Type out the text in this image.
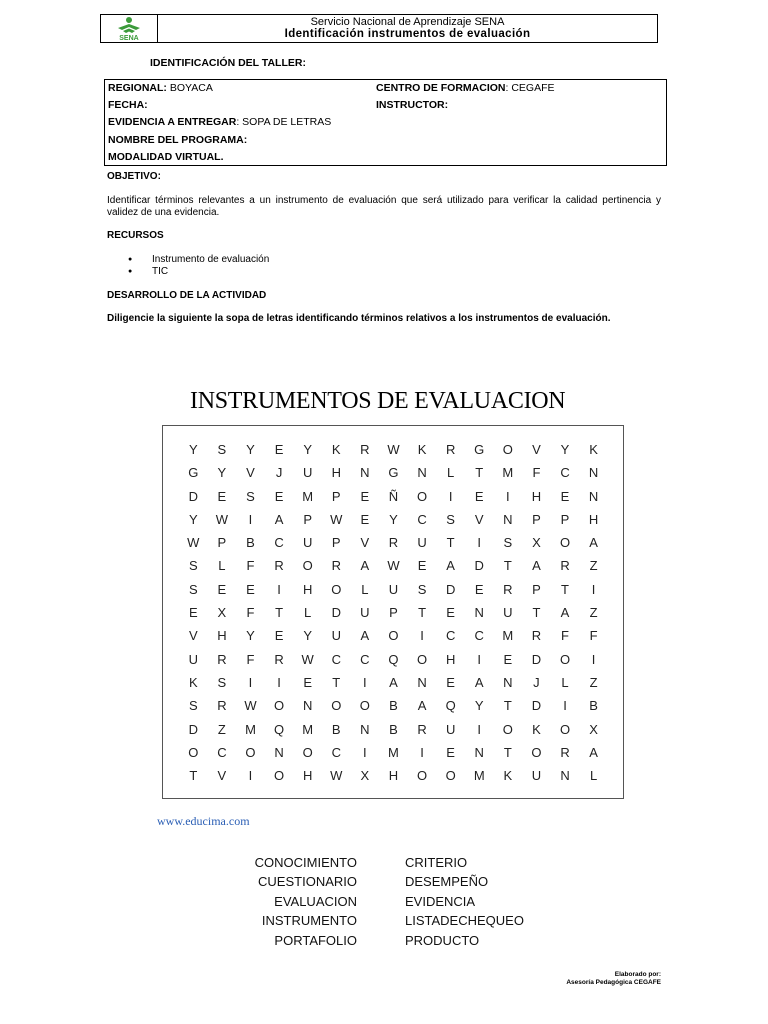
SENA
Servicio Nacional de Aprendizaje SENA
Identificación instrumentos de evaluación
IDENTIFICACIÓN DEL TALLER:
REGIONAL: BOYACA	CENTRO DE FORMACION: CEGAFE
FECHA:	INSTRUCTOR:
EVIDENCIA A ENTREGAR: SOPA DE LETRAS
NOMBRE DEL PROGRAMA:
MODALIDAD VIRTUAL.
OBJETIVO:
Identificar términos relevantes a un instrumento de evaluación que será utilizado para verificar la calidad pertinencia y validez de una evidencia.
RECURSOS
● Instrumento de evaluación
● TIC
DESARROLLO DE LA ACTIVIDAD
Diligencie la siguiente la sopa de letras identificando términos relativos a los instrumentos de evaluación.
INSTRUMENTOS DE EVALUACION
Y	S	Y	E	Y	K	R	W	K	R	G	O	V	Y	K
G	Y	V	J	U	H	N	G	N	L	T	M	F	C	N
D	E	S	E	M	P	E	Ñ	O	I	E	I	H	E	N
Y	W	I	A	P	W	E	Y	C	S	V	N	P	P	H
W	P	B	C	U	P	V	R	U	T	I	S	X	O	A
S	L	F	R	O	R	A	W	E	A	D	T	A	R	Z
S	E	E	I	H	O	L	U	S	D	E	R	P	T	I
E	X	F	T	L	D	U	P	T	E	N	U	T	A	Z
V	H	Y	E	Y	U	A	O	I	C	C	M	R	F	F
U	R	F	R	W	C	C	Q	O	H	I	E	D	O	I
K	S	I	I	E	T	I	A	N	E	A	N	J	L	Z
S	R	W	O	N	O	O	B	A	Q	Y	T	D	I	B
D	Z	M	Q	M	B	N	B	R	U	I	O	K	O	X
O	C	O	N	O	C	I	M	I	E	N	T	O	R	A
T	V	I	O	H	W	X	H	O	O	M	K	U	N	L
www.educima.com
CONOCIMIENTO
CUESTIONARIO
EVALUACION
INSTRUMENTO
PORTAFOLIO
CRITERIO
DESEMPEÑO
EVIDENCIA
LISTADECHEQUEO
PRODUCTO
Elaborado por:
Asesoría Pedagógica CEGAFE
